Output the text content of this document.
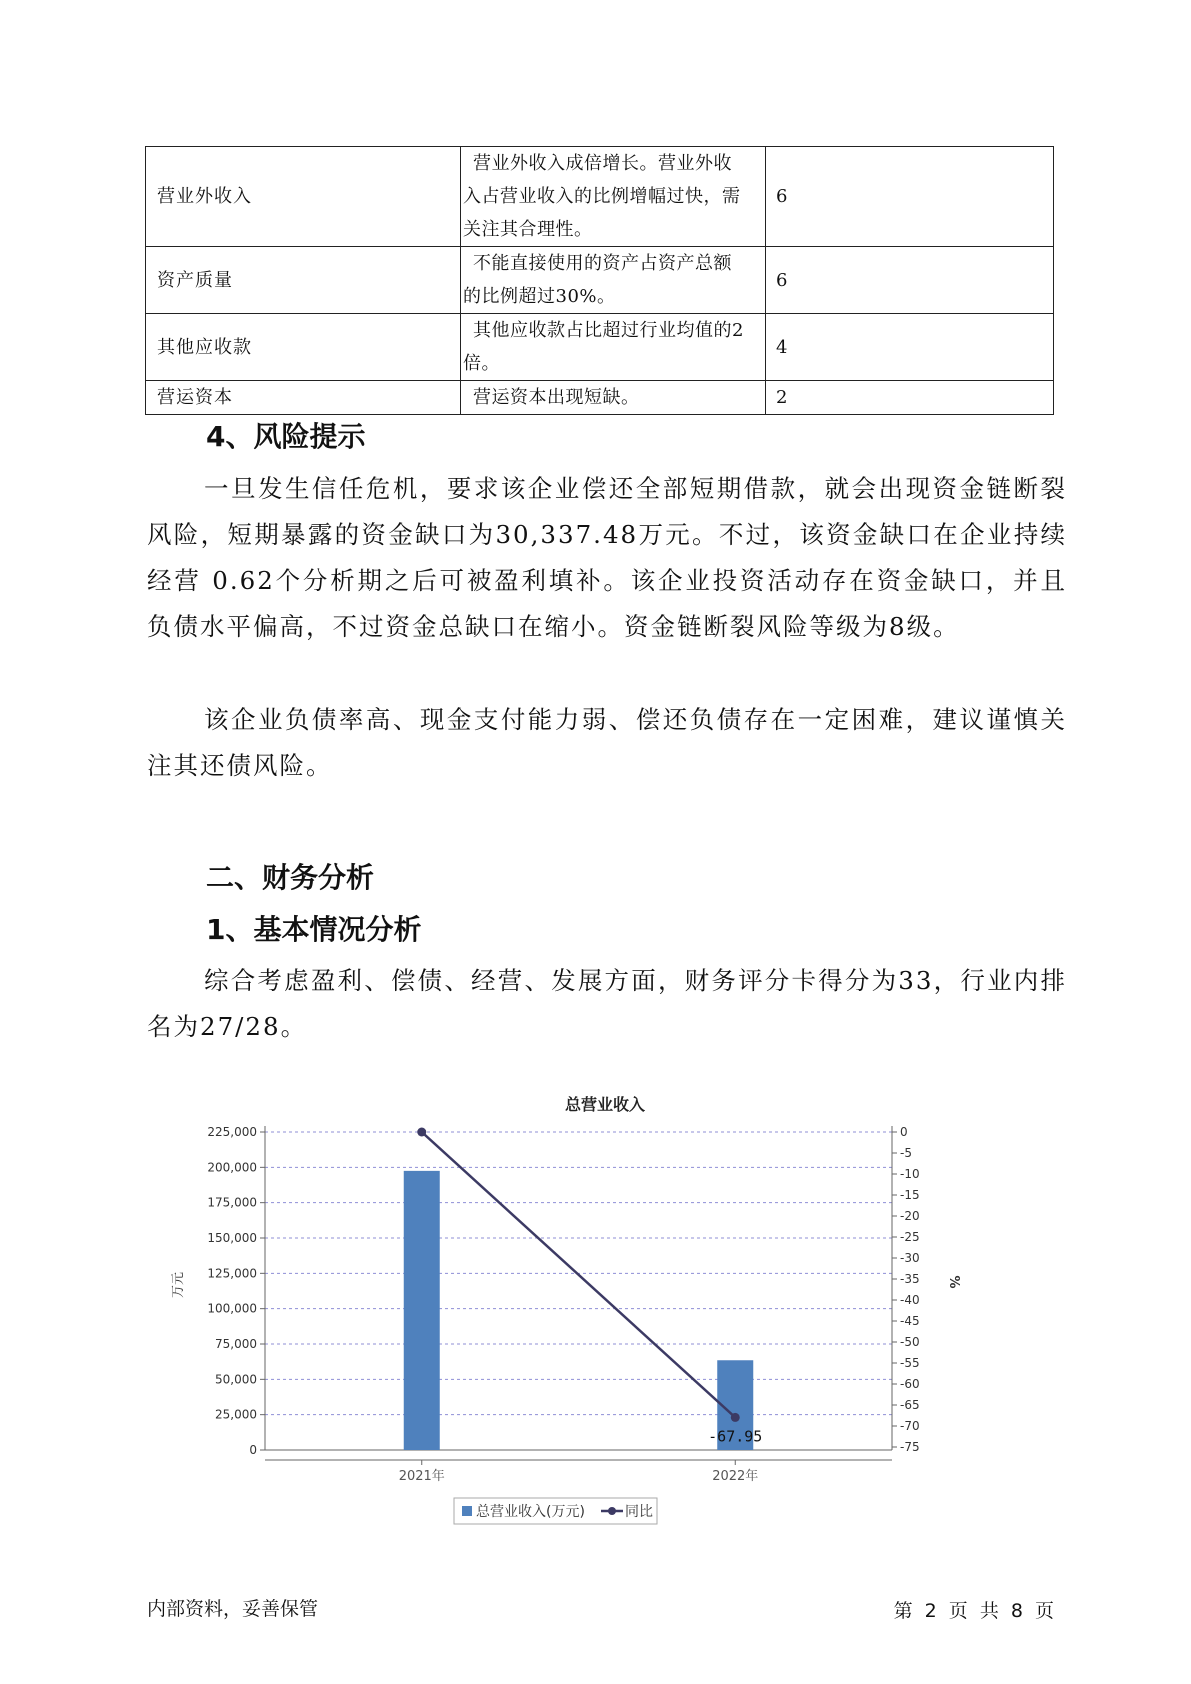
营业外收入	营业外收入成倍增长。营业外收
入占营业收入的比例增幅过快，需
关注其合理性。	6
资产质量	不能直接使用的资产占资产总额
的比例超过30%。	6
其他应收款	其他应收款占比超过行业均值的2
倍。	4
营运资本	营运资本出现短缺。	2

4、风险提示

一旦发生信任危机，要求该企业偿还全部短期借款，就会出现资金链断裂风险，短期暴露的资金缺口为30,337.48万元。不过，该资金缺口在企业持续经营 0.62个分析期之后可被盈利填补。该企业投资活动存在资金缺口，并且负债水平偏高，不过资金总缺口在缩小。资金链断裂风险等级为8级。

该企业负债率高、现金支付能力弱、偿还负债存在一定困难，建议谨慎关注其还债风险。

二、财务分析

1、基本情况分析

综合考虑盈利、偿债、经营、发展方面，财务评分卡得分为33，行业内排名为27/28。

总营业收入
225,000
200,000
175,000
150,000
125,000
100,000
75,000
50,000
25,000
0
0
-5
-10
-15
-20
-25
-30
-35
-40
-45
-50
-55
-60
-65
-70
-75
万元	%
2021年	2022年
-67.95
总营业收入(万元)	同比
内部资料，妥善保管	第 2 页 共 8 页
